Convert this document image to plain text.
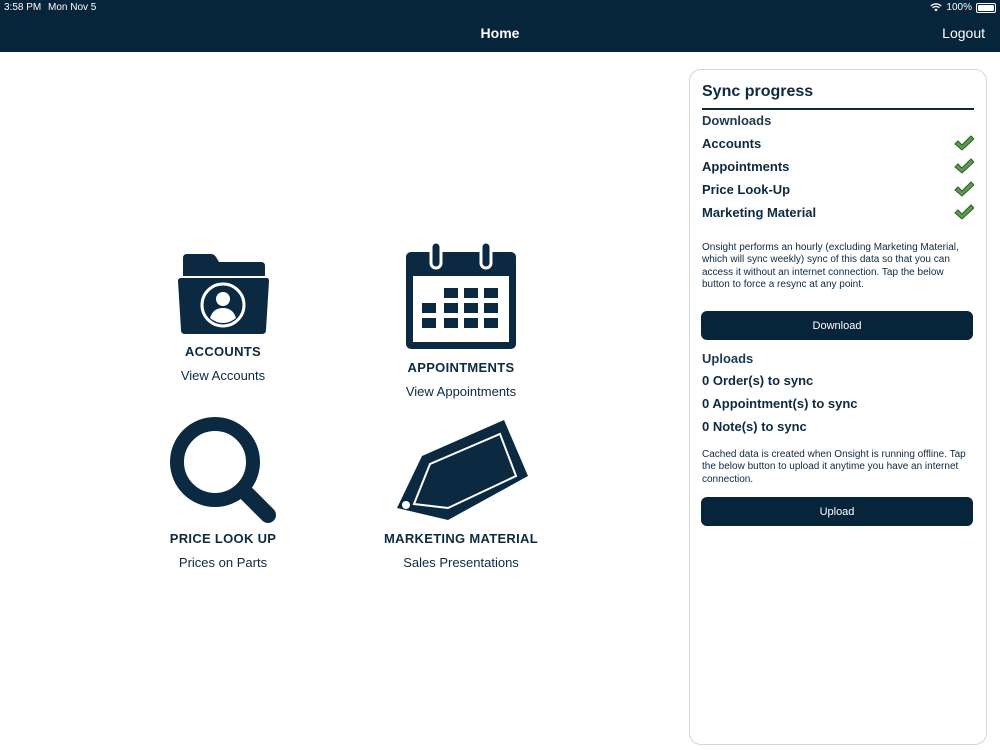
3:58 PM Mon Nov 5	100%
Home	Logout
ACCOUNTS
View Accounts
APPOINTMENTS
View Appointments
PRICE LOOK UP
Prices on Parts
MARKETING MATERIAL
Sales Presentations
Sync progress
Downloads
Accounts
Appointments
Price Look-Up
Marketing Material
Onsight performs an hourly (excluding Marketing Material, which will sync weekly) sync of this data so that you can access it without an internet connection. Tap the below button to force a resync at any point.
Download
Uploads
0 Order(s) to sync
0 Appointment(s) to sync
0 Note(s) to sync
Cached data is created when Onsight is running offline. Tap the below button to upload it anytime you have an internet connection.
Upload
